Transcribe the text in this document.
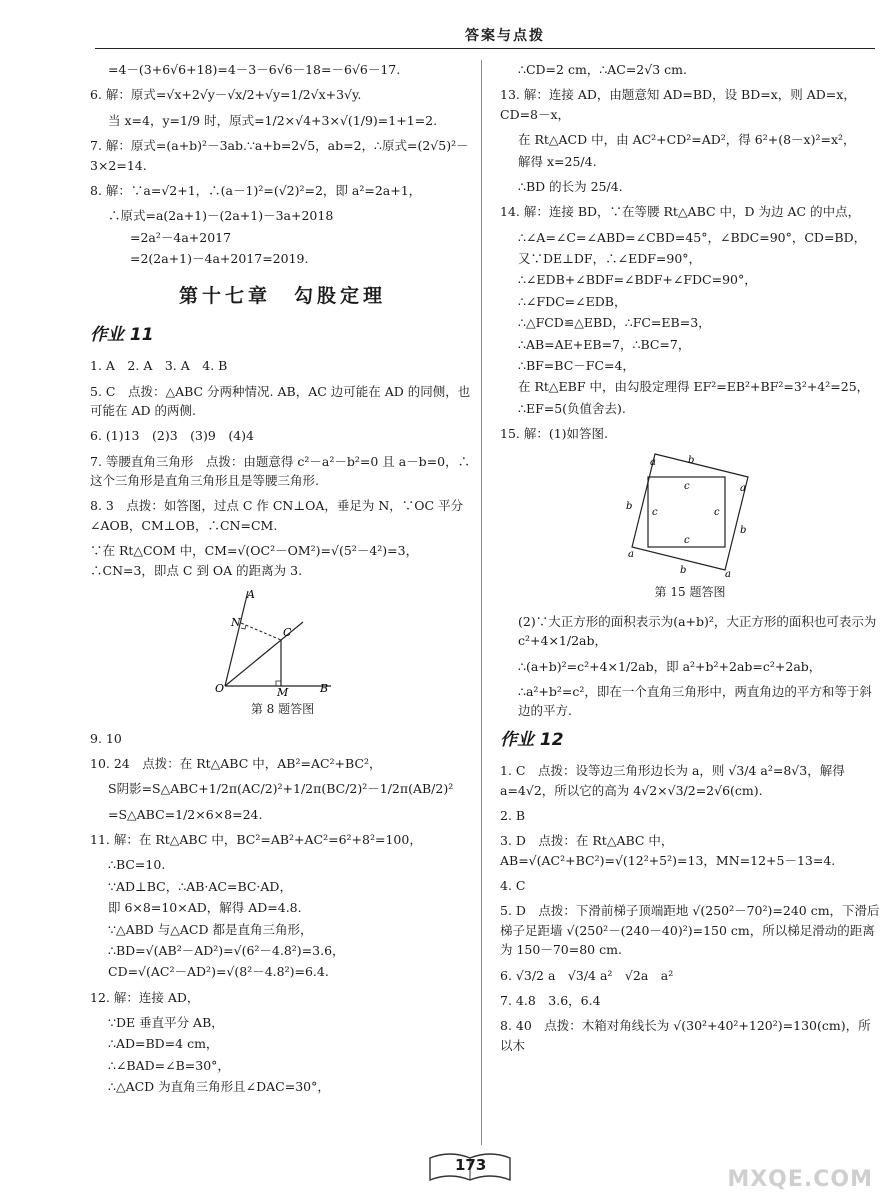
答案与点拨
=4－(3+6√6+18)=4－3－6√6－18=－6√6－17.
6. 解：原式=√x+2√y－√x/2+√y=1/2√x+3√y.
当 x=4，y=1/9 时，原式=1/2×√4+3×√(1/9)=1+1=2.
7. 解：原式=(a+b)²－3ab.∵a+b=2√5，ab=2，∴原式=(2√5)²－3×2=14.
8. 解：∵a=√2+1，∴(a－1)²=(√2)²=2，即 a²=2a+1，
∴原式=a(2a+1)－(2a+1)－3a+2018
=2a²－4a+2017
=2(2a+1)－4a+2017=2019.
第十七章　勾股定理
作业 11
1. A　2. A　3. A　4. B
5. C　点拨：△ABC 分两种情况. AB，AC 边可能在 AD 的同侧，也可能在 AD 的两侧.
6. (1)13　(2)3　(3)9　(4)4
7. 等腰直角三角形　点拨：由题意得 c²－a²－b²=0 且 a－b=0，∴这个三角形是直角三角形且是等腰三角形.
8. 3　点拨：如答图，过点 C 作 CN⊥OA，垂足为 N，∵OC 平分∠AOB，CM⊥OB，∴CN=CM.
∵在 Rt△COM 中，CM=√(OC²－OM²)=√(5²－4²)=3，∴CN=3，即点 C 到 OA 的距离为 3.
A
N
C
O	M	B
第 8 题答图
9. 10
10. 24　点拨：在 Rt△ABC 中，AB²=AC²+BC²，
S阴影=S△ABC+1/2π(AC/2)²+1/2π(BC/2)²－1/2π(AB/2)²
=S△ABC=1/2×6×8=24.
11. 解：在 Rt△ABC 中，BC²=AB²+AC²=6²+8²=100，
∴BC=10.
∵AD⊥BC，∴AB·AC=BC·AD，
即 6×8=10×AD，解得 AD=4.8.
∵△ABD 与△ACD 都是直角三角形，
∴BD=√(AB²－AD²)=√(6²－4.8²)=3.6，
CD=√(AC²－AD²)=√(8²－4.8²)=6.4.
12. 解：连接 AD，
∵DE 垂直平分 AB，
∴AD=BD=4 cm，
∴∠BAD=∠B=30°，
∴△ACD 为直角三角形且∠DAC=30°，
∴CD=2 cm，∴AC=2√3 cm.
13. 解：连接 AD，由题意知 AD=BD，设 BD=x，则 AD=x，CD=8－x，
在 Rt△ACD 中，由 AC²+CD²=AD²，得 6²+(8－x)²=x²，
解得 x=25/4.
∴BD 的长为 25/4.
14. 解：连接 BD，∵在等腰 Rt△ABC 中，D 为边 AC 的中点，
∴∠A=∠C=∠ABD=∠CBD=45°，∠BDC=90°，CD=BD，
又∵DE⊥DF，∴∠EDF=90°，
∴∠EDB+∠BDF=∠BDF+∠FDC=90°，
∴∠FDC=∠EDB，
∴△FCD≌△EBD，∴FC=EB=3，
∴AB=AE+EB=7，∴BC=7，
∴BF=BC－FC=4，
在 Rt△EBF 中，由勾股定理得 EF²=EB²+BF²=3²+4²=25，
∴EF=5(负值舍去).
15. 解：(1)如答图.
a	b
a
b
a
b
b
a
c
c
c
c
第 15 题答图
(2)∵大正方形的面积表示为(a+b)²，大正方形的面积也可表示为 c²+4×1/2ab，
∴(a+b)²=c²+4×1/2ab，即 a²+b²+2ab=c²+2ab，
∴a²+b²=c²，即在一个直角三角形中，两直角边的平方和等于斜边的平方.
作业 12
1. C　点拨：设等边三角形边长为 a，则 √3/4 a²=8√3，解得 a=4√2，所以它的高为 4√2×√3/2=2√6(cm).
2. B
3. D　点拨：在 Rt△ABC 中，AB=√(AC²+BC²)=√(12²+5²)=13，MN=12+5－13=4.
4. C
5. D　点拨：下滑前梯子顶端距地 √(250²－70²)=240 cm，下滑后梯子足距墙 √(250²－(240－40)²)=150 cm，所以梯足滑动的距离为 150－70=80 cm.
6. √3/2 a　√3/4 a²　√2a　a²
7. 4.8　3.6，6.4
8. 40　点拨：木箱对角线长为 √(30²+40²+120²)=130(cm)，所以木
173
MXQE.COM
